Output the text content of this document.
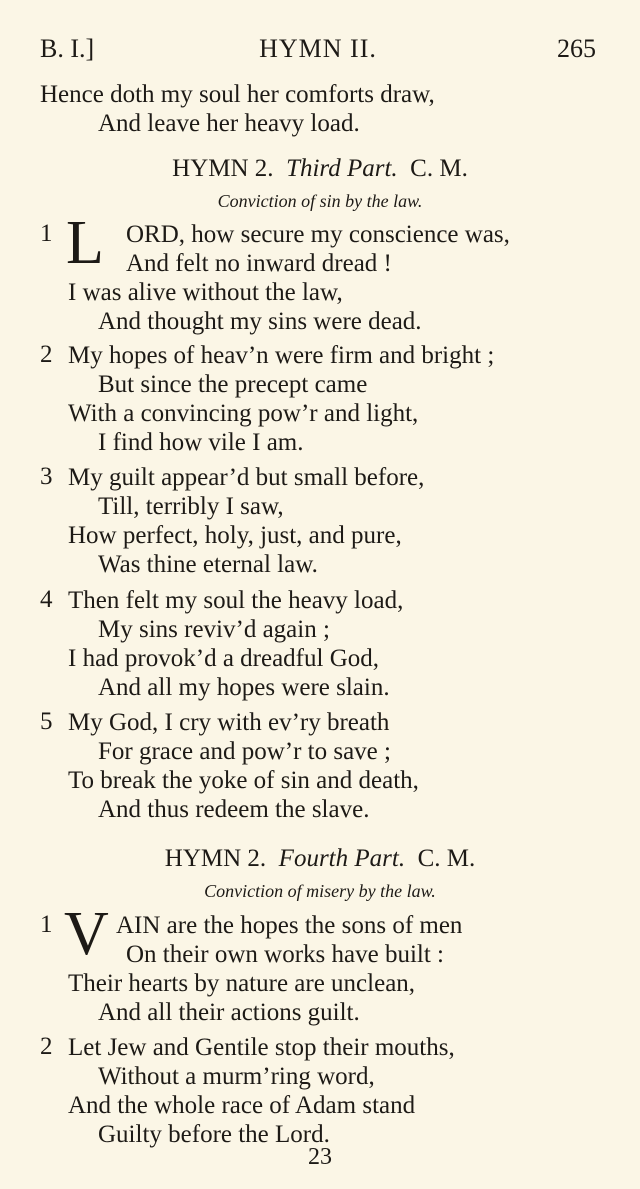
B. I.]	HYMN II.	265
Hence doth my soul her comforts draw,
And leave her heavy load.
HYMN 2. Third Part. C. M.
Conviction of sin by the law.
1 L ORD, how secure my conscience was,
And felt no inward dread !
I was alive without the law,
And thought my sins were dead.
2 My hopes of heav’n were firm and bright ;
But since the precept came
With a convincing pow’r and light,
I find how vile I am.
3 My guilt appear’d but small before,
Till, terribly I saw,
How perfect, holy, just, and pure,
Was thine eternal law.
4 Then felt my soul the heavy load,
My sins reviv’d again ;
I had provok’d a dreadful God,
And all my hopes were slain.
5 My God, I cry with ev’ry breath
For grace and pow’r to save ;
To break the yoke of sin and death,
And thus redeem the slave.
HYMN 2. Fourth Part. C. M.
Conviction of misery by the law.
1 V AIN are the hopes the sons of men
On their own works have built :
Their hearts by nature are unclean,
And all their actions guilt.
2 Let Jew and Gentile stop their mouths,
Without a murm’ring word,
And the whole race of Adam stand
Guilty before the Lord.
23
